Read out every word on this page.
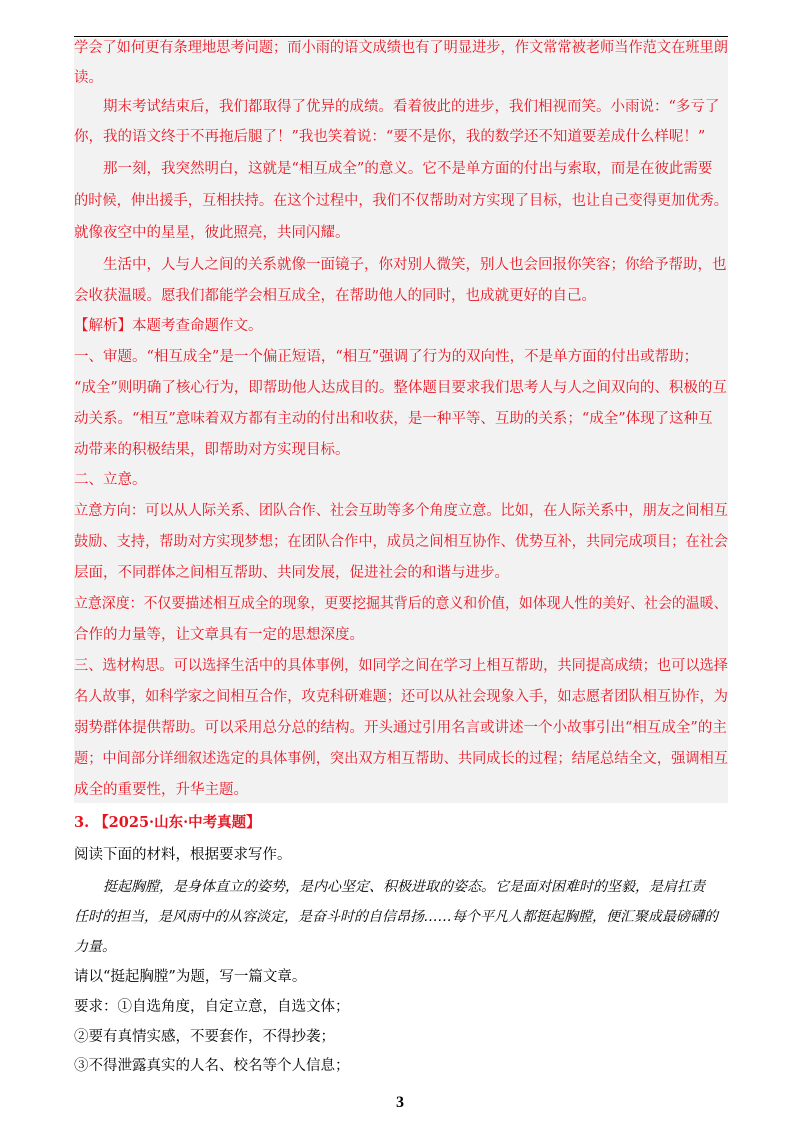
学会了如何更有条理地思考问题；而小雨的语文成绩也有了明显进步，作文常常被老师当作范文在班里朗
读。
期末考试结束后，我们都取得了优异的成绩。看着彼此的进步，我们相视而笑。小雨说：“多亏了
你，我的语文终于不再拖后腿了！”我也笑着说：“要不是你，我的数学还不知道要差成什么样呢！”
那一刻，我突然明白，这就是“相互成全”的意义。它不是单方面的付出与索取，而是在彼此需要
的时候，伸出援手，互相扶持。在这个过程中，我们不仅帮助对方实现了目标，也让自己变得更加优秀。
就像夜空中的星星，彼此照亮，共同闪耀。
生活中，人与人之间的关系就像一面镜子，你对别人微笑，别人也会回报你笑容；你给予帮助，也
会收获温暖。愿我们都能学会相互成全，在帮助他人的同时，也成就更好的自己。
【解析】本题考查命题作文。
一、审题。“相互成全”是一个偏正短语，“相互”强调了行为的双向性，不是单方面的付出或帮助；
“成全”则明确了核心行为，即帮助他人达成目的。整体题目要求我们思考人与人之间双向的、积极的互
动关系。“相互”意味着双方都有主动的付出和收获，是一种平等、互助的关系；“成全”体现了这种互
动带来的积极结果，即帮助对方实现目标。
二、立意。
立意方向：可以从人际关系、团队合作、社会互助等多个角度立意。比如，在人际关系中，朋友之间相互
鼓励、支持，帮助对方实现梦想；在团队合作中，成员之间相互协作、优势互补，共同完成项目；在社会
层面，不同群体之间相互帮助、共同发展，促进社会的和谐与进步。
立意深度：不仅要描述相互成全的现象，更要挖掘其背后的意义和价值，如体现人性的美好、社会的温暖、
合作的力量等，让文章具有一定的思想深度。
三、选材构思。可以选择生活中的具体事例，如同学之间在学习上相互帮助，共同提高成绩；也可以选择
名人故事，如科学家之间相互合作，攻克科研难题；还可以从社会现象入手，如志愿者团队相互协作，为
弱势群体提供帮助。可以采用总分总的结构。开头通过引用名言或讲述一个小故事引出“相互成全”的主
题；中间部分详细叙述选定的具体事例，突出双方相互帮助、共同成长的过程；结尾总结全文，强调相互
成全的重要性，升华主题。
3. 【2025·山东·中考真题】
阅读下面的材料，根据要求写作。
挺起胸膛，是身体直立的姿势，是内心坚定、积极进取的姿态。它是面对困难时的坚毅，是肩扛责
任时的担当，是风雨中的从容淡定，是奋斗时的自信昂扬……每个平凡人都挺起胸膛，便汇聚成最磅礴的
力量。
请以“挺起胸膛”为题，写一篇文章。
要求：①自选角度，自定立意，自选文体；
②要有真情实感，不要套作，不得抄袭；
③不得泄露真实的人名、校名等个人信息；
3
